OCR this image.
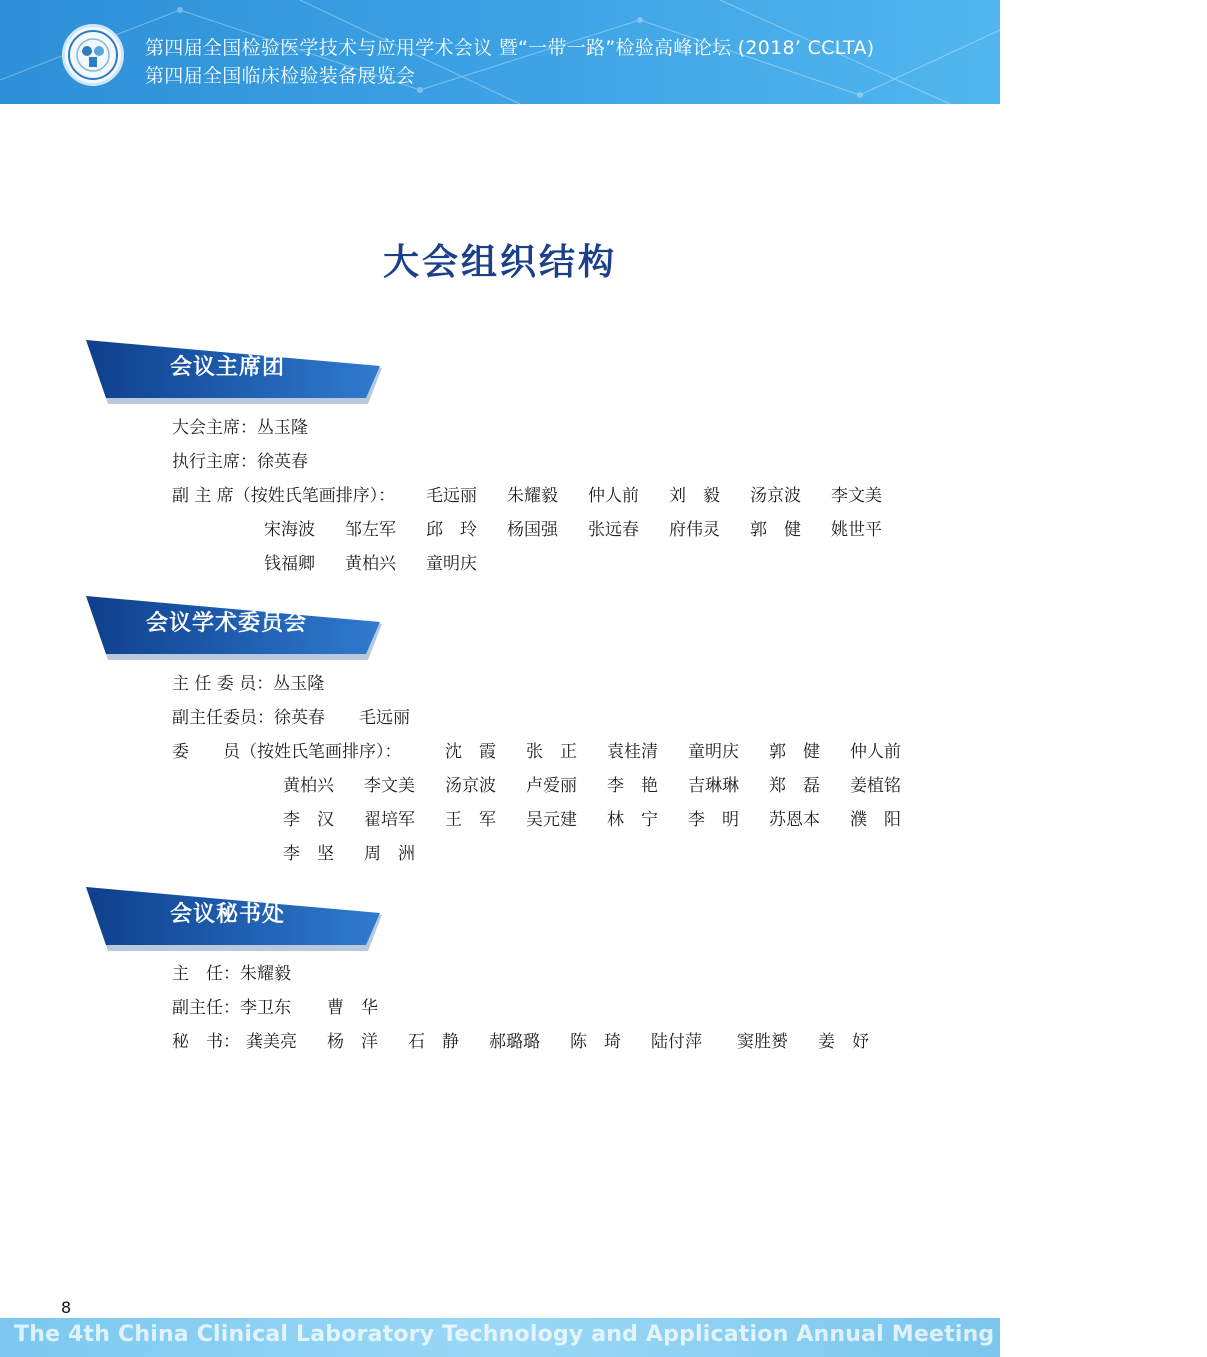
第四届全国检验医学技术与应用学术会议 暨“一带一路”检验高峰论坛 (2018’ CCLTA)
第四届全国临床检验装备展览会
大会组织结构
会议主席团
大会主席：丛玉隆
执行主席：徐英春
副 主 席（按姓氏笔画排序）： 毛远丽 朱耀毅 仲人前 刘　毅 汤京波 李文美
宋海波 邹左军 邱　玲 杨国强 张远春 府伟灵 郭　健 姚世平
钱福卿 黄柏兴 童明庆
会议学术委员会
主 任 委 员：丛玉隆
副主任委员：徐英春　　毛远丽
委　　员（按姓氏笔画排序）：	沈　霞 张　正 袁桂清 童明庆 郭　健 仲人前
黄柏兴 李文美 汤京波 卢爱丽 李　艳 吉琳琳 郑　磊 姜植铭
李　汉 翟培军 王　军 吴元建 林　宁 李　明 苏恩本 濮　阳
李　坚 周　洲
会议秘书处
主　任：朱耀毅
副主任：李卫东 曹　华
秘　书： 龚美亮 杨　洋 石　静 郝璐璐 陈　琦 陆付萍 窦胜赟 姜　妤
8
The 4th China Clinical Laboratory Technology and Application Annual Meeting & Laboratory Eq
